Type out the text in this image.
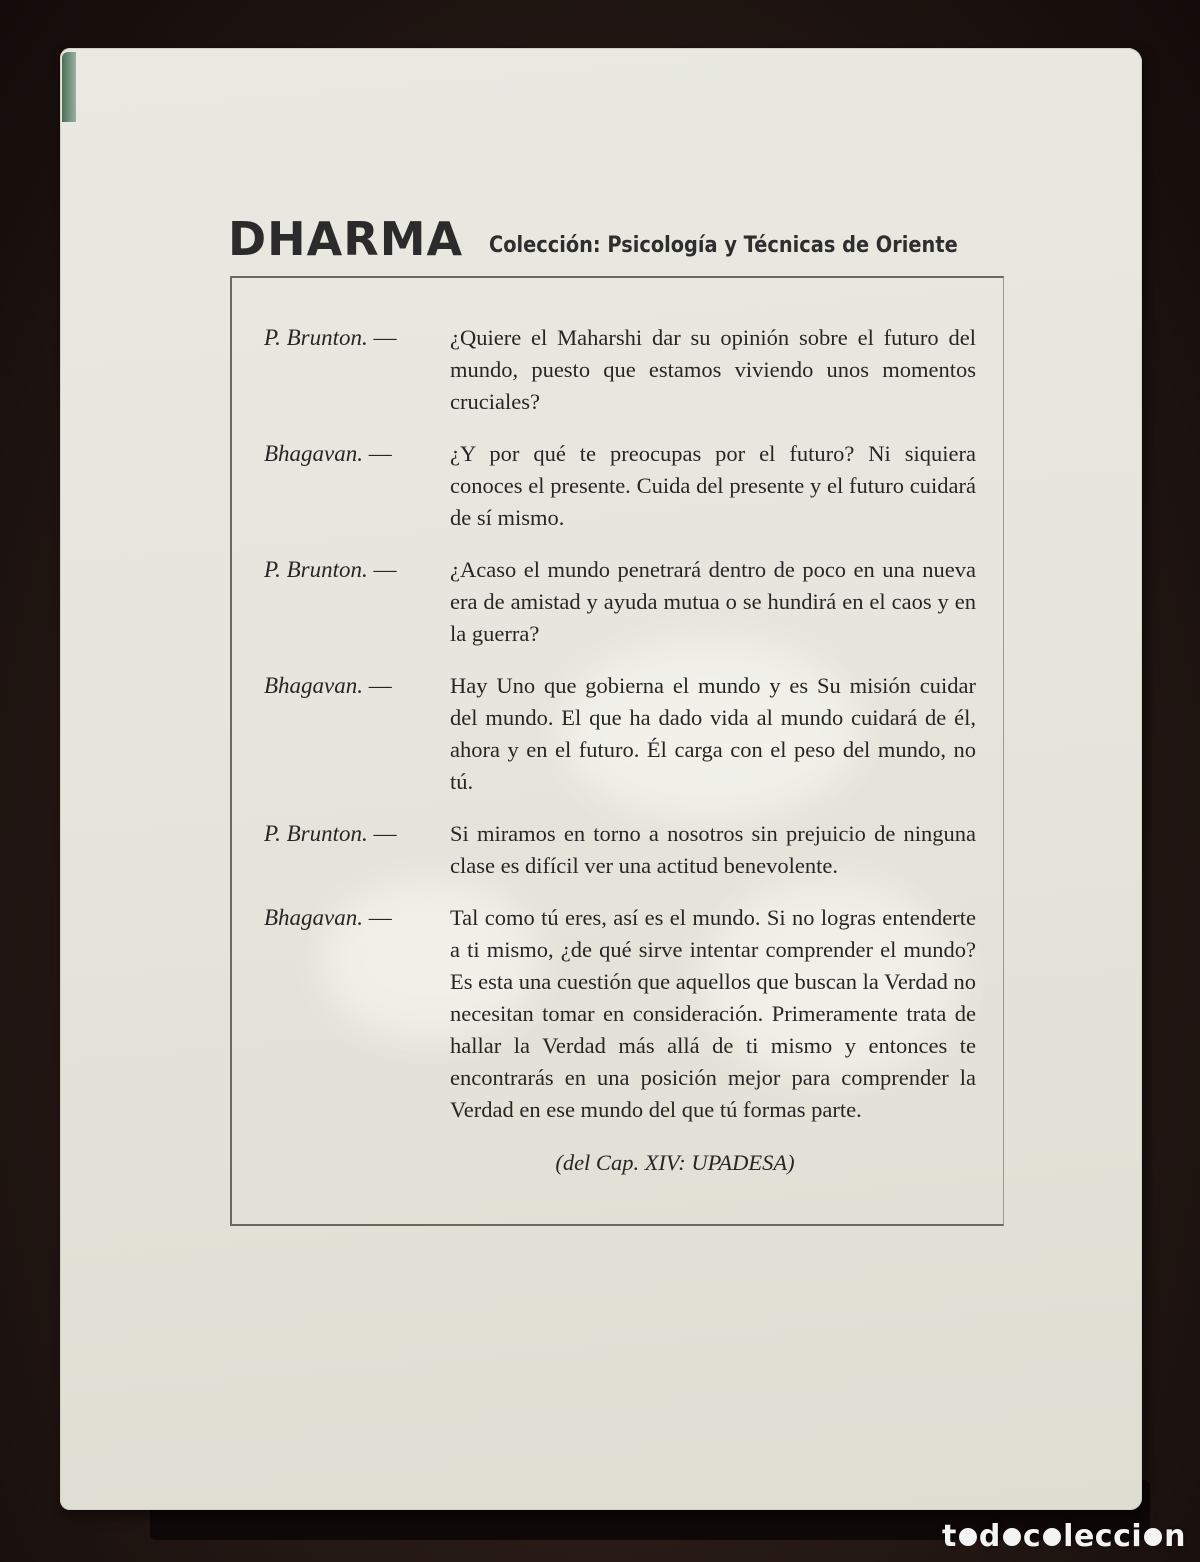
DHARMA Colección: Psicología y Técnicas de Oriente
P. Brunton. —	¿Quiere el Maharshi dar su opinión sobre el futuro del mundo, puesto que estamos viviendo unos momentos cruciales?
Bhagavan. —	¿Y por qué te preocupas por el futuro? Ni siquiera conoces el presente. Cuida del presente y el futuro cuidará de sí mismo.
P. Brunton. —	¿Acaso el mundo penetrará dentro de poco en una nueva era de amistad y ayuda mutua o se hundirá en el caos y en la guerra?
Bhagavan. —	Hay Uno que gobierna el mundo y es Su misión cuidar del mundo. El que ha dado vida al mundo cuidará de él, ahora y en el futuro. Él carga con el peso del mundo, no tú.
P. Brunton. —	Si miramos en torno a nosotros sin prejuicio de ninguna clase es difícil ver una actitud benevolente.
Bhagavan. —	Tal como tú eres, así es el mundo. Si no logras entenderte a ti mismo, ¿de qué sirve intentar comprender el mundo? Es esta una cuestión que aquellos que buscan la Verdad no necesitan tomar en consideración. Primeramente trata de hallar la Verdad más allá de ti mismo y entonces te encontrarás en una posición mejor para comprender la Verdad en ese mundo del que tú formas parte.
(del Cap. XIV: UPADESA)
t d c lecci n
